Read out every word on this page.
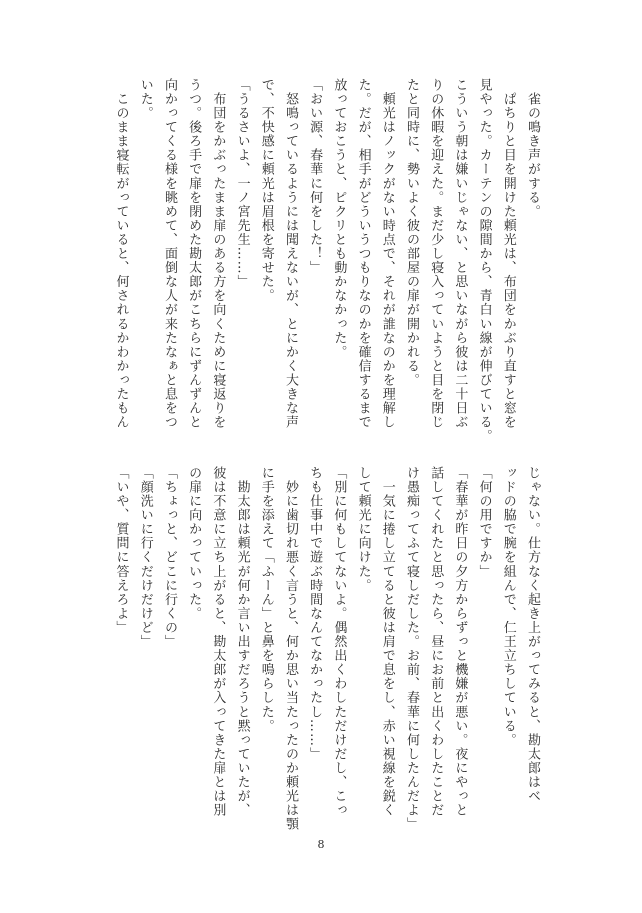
　雀の鳴き声がする。
　ぱちりと目を開けた頼光は、布団をかぶり直すと窓を
見やった。カーテンの隙間から、青白い線が伸びている。
こういう朝は嫌いじゃない、と思いながら彼は二十日ぶ
りの休暇を迎えた。まだ少し寝入っていようと目を閉じ
たと同時に、勢いよく彼の部屋の扉が開かれる。
　頼光はノックがない時点で、それが誰なのかを理解し
た。だが、相手がどういうつもりなのかを確信するまで
放っておこうと、ピクリとも動かなかった。
「おい源、春華に何をした！」
　怒鳴っているようには聞えないが、とにかく大きな声
で、不快感に頼光は眉根を寄せた。
「うるさいよ、一ノ宮先生……」
　布団をかぶったまま扉のある方を向くために寝返りを
うつ。後ろ手で扉を閉めた勘太郎がこちらにずんずんと
向かってくる様を眺めて、面倒な人が来たなぁと息をつ
いた。
　このまま寝転がっていると、何されるかわかったもん
じゃない。仕方なく起き上がってみると、勘太郎はベ
ッドの脇で腕を組んで、仁王立ちしている。
「何の用ですか」
「春華が昨日の夕方からずっと機嫌が悪い。夜にやっと
話してくれたと思ったら、昼にお前と出くわしたことだ
け愚痴ってふて寝しだした。お前、春華に何したんだよ」
　一気に捲し立てると彼は肩で息をし、赤い視線を鋭く
して頼光に向けた。
「別に何もしてないよ。偶然出くわしただけだし、こっ
ちも仕事中で遊ぶ時間なんてなかったし……」
　妙に歯切れ悪く言うと、何か思い当たったのか頼光は顎
に手を添えて「ふーん」と鼻を鳴らした。
　勘太郎は頼光が何か言い出すだろうと黙っていたが、
彼は不意に立ち上がると、勘太郎が入ってきた扉とは別
の扉に向かっていった。
「ちょっと、どこに行くの」
「顔洗いに行くだけだけど」
「いや、質問に答えろよ」
8
